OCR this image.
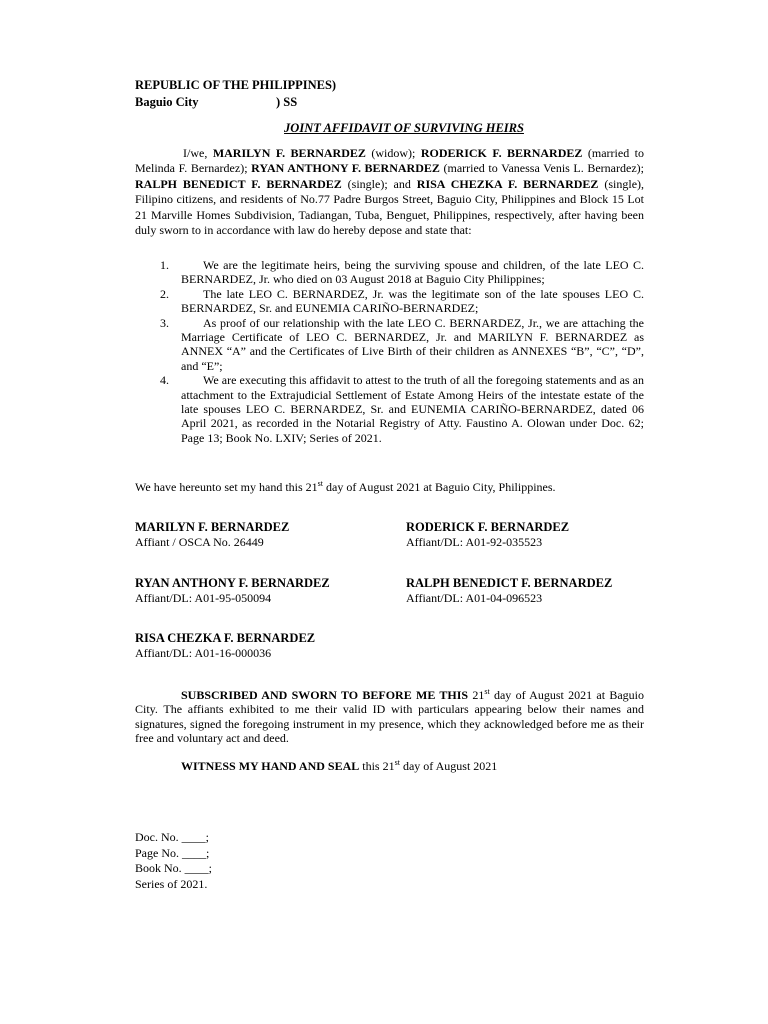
REPUBLIC OF THE PHILIPPINES)
Baguio City	) SS
JOINT AFFIDAVIT OF SURVIVING HEIRS

I/we, MARILYN F. BERNARDEZ (widow); RODERICK F. BERNARDEZ (married to Melinda F. Bernardez); RYAN ANTHONY F. BERNARDEZ (married to Vanessa Venis L. Bernardez); RALPH BENEDICT F. BERNARDEZ (single); and RISA CHEZKA F. BERNARDEZ (single), Filipino citizens, and residents of No.77 Padre Burgos Street, Baguio City, Philippines and Block 15 Lot 21 Marville Homes Subdivision, Tadiangan, Tuba, Benguet, Philippines, respectively, after having been duly sworn to in accordance with law do hereby depose and state that:

1.	We are the legitimate heirs, being the surviving spouse and children, of the late LEO C. BERNARDEZ, Jr. who died on 03 August 2018 at Baguio City Philippines;
2.	The late LEO C. BERNARDEZ, Jr. was the legitimate son of the late spouses LEO C. BERNARDEZ, Sr. and EUNEMIA CARIÑO-BERNARDEZ;
3.	As proof of our relationship with the late LEO C. BERNARDEZ, Jr., we are attaching the Marriage Certificate of LEO C. BERNARDEZ, Jr. and MARILYN F. BERNARDEZ as ANNEX “A” and the Certificates of Live Birth of their children as ANNEXES “B”, “C”, “D”, and “E”;
4.	We are executing this affidavit to attest to the truth of all the foregoing statements and as an attachment to the Extrajudicial Settlement of Estate Among Heirs of the intestate estate of the late spouses LEO C. BERNARDEZ, Sr. and EUNEMIA CARIÑO-BERNARDEZ, dated 06 April 2021, as recorded in the Notarial Registry of Atty. Faustino A. Olowan under Doc. 62; Page 13; Book No. LXIV; Series of 2021.
We have hereunto set my hand this 21st day of August 2021 at Baguio City, Philippines.
MARILYN F. BERNARDEZ
Affiant / OSCA No. 26449
RODERICK F. BERNARDEZ
Affiant/DL: A01-92-035523
RYAN ANTHONY F. BERNARDEZ
Affiant/DL: A01-95-050094
RALPH BENEDICT F. BERNARDEZ
Affiant/DL: A01-04-096523
RISA CHEZKA F. BERNARDEZ
Affiant/DL: A01-16-000036

SUBSCRIBED AND SWORN TO BEFORE ME THIS 21st day of August 2021 at Baguio City. The affiants exhibited to me their valid ID with particulars appearing below their names and signatures, signed the foregoing instrument in my presence, which they acknowledged before me as their free and voluntary act and deed.

WITNESS MY HAND AND SEAL this 21st day of August 2021
Doc. No. ____;
Page No. ____;
Book No. ____;
Series of 2021.
